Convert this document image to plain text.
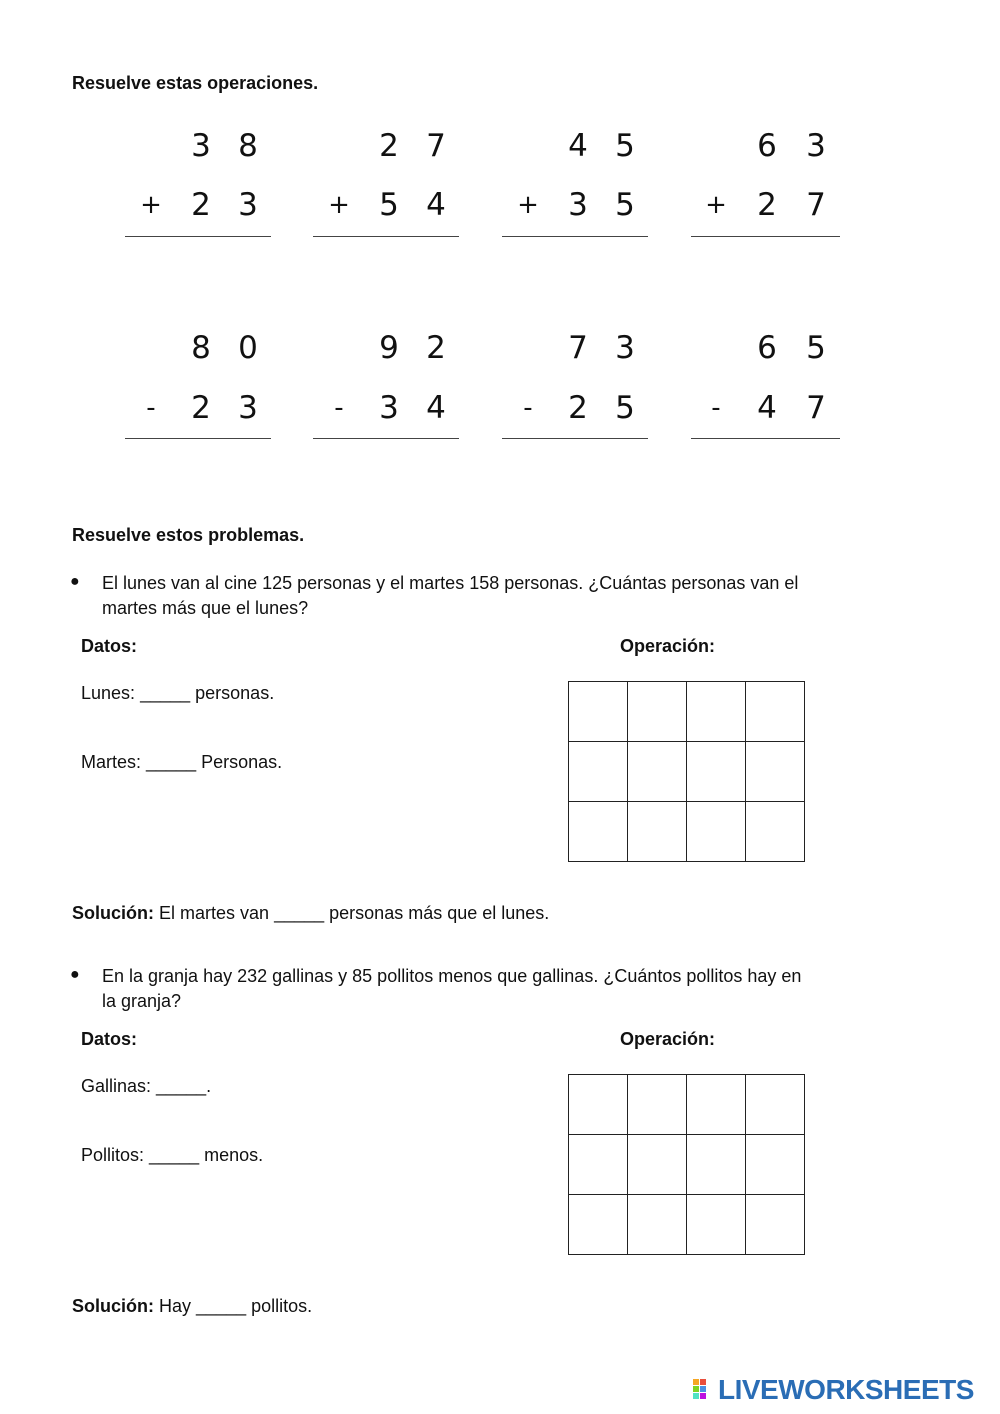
Resuelve estas operaciones.
3 8
+ 2 3
2 7
+ 5 4
4 5
+ 3 5
6 3
+ 2 7
8 0
- 2 3
9 2
- 3 4
7 3
- 2 5
6 5
- 4 7
Resuelve estos problemas.
● El lunes van al cine 125 personas y el martes 158 personas. ¿Cuántas personas van el
martes más que el lunes?
Datos:	Operación:
Lunes: _____ personas.
Martes: _____ Personas.

Solución: El martes van _____ personas más que el lunes.
● En la granja hay 232 gallinas y 85 pollitos menos que gallinas. ¿Cuántos pollitos hay en
la granja?
Datos:	Operación:
Gallinas: _____.
Pollitos: _____ menos.

Solución: Hay _____ pollitos.
LIVEWORKSHEETS
